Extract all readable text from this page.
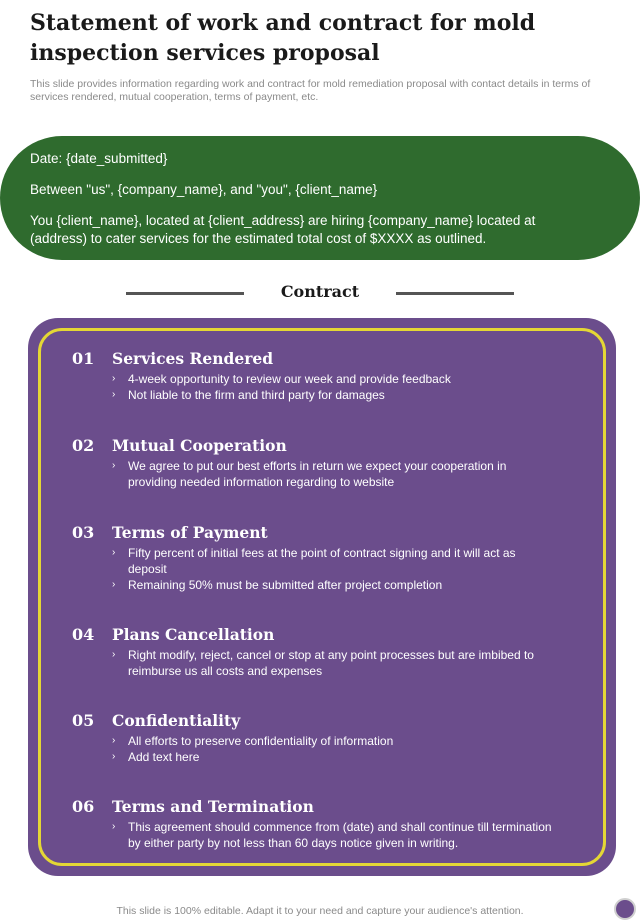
Statement of work and contract for mold inspection services proposal
This slide provides information regarding work and contract for mold remediation proposal with contact details in terms of services rendered, mutual cooperation, terms of payment, etc.
Date: {date_submitted}
Between "us", {company_name}, and "you", {client_name}
You {client_name}, located at {client_address} are hiring {company_name} located at (address) to cater services for the estimated total cost of $XXXX as outlined.
Contract
01	Services Rendered
› 4-week opportunity to review our week and provide feedback
› Not liable to the firm and third party for damages
02	Mutual Cooperation
› We agree to put our best efforts in return we expect your cooperation in providing needed information regarding to website
03	Terms of Payment
› Fifty percent of initial fees at the point of contract signing and it will act as deposit
› Remaining 50% must be submitted after project completion
04	Plans Cancellation
› Right modify, reject, cancel or stop at any point processes but are imbibed to reimburse us all costs and expenses
05	Confidentiality
› All efforts to preserve confidentiality of information
› Add text here
06	Terms and Termination
› This agreement should commence from (date) and shall continue till termination by either party by not less than 60 days notice given in writing.
This slide is 100% editable. Adapt it to your need and capture your audience's attention.
